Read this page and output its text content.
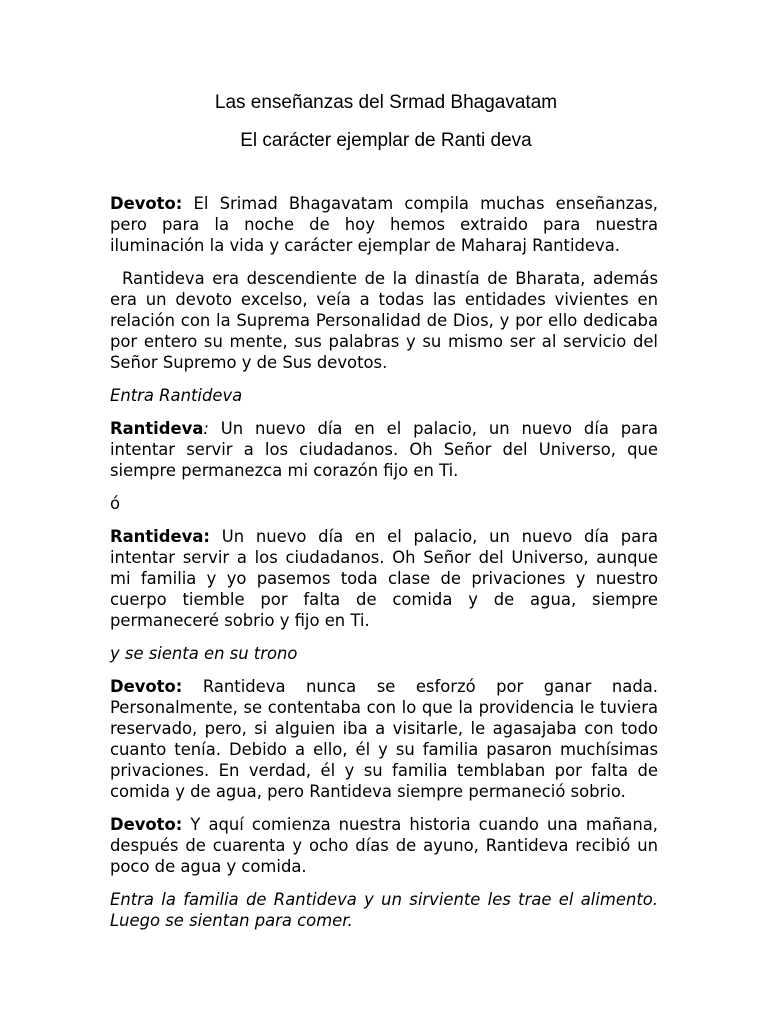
Las enseñanzas del Srmad Bhagavatam
El carácter ejemplar de Ranti deva

Devoto: El Srimad Bhagavatam compila muchas enseñanzas, pero para la noche de hoy hemos extraido para nuestra iluminación la vida y carácter ejemplar de Maharaj Rantideva.

Rantideva era descendiente de la dinastía de Bharata, además era un devoto excelso, veía a todas las entidades vivientes en relación con la Suprema Personalidad de Dios, y por ello dedicaba por entero su mente, sus palabras y su mismo ser al servicio del Señor Supremo y de Sus devotos.

Entra Rantideva

Rantideva: Un nuevo día en el palacio, un nuevo día para intentar servir a los ciudadanos. Oh Señor del Universo, que siempre permanezca mi corazón fijo en Ti.

ó

Rantideva: Un nuevo día en el palacio, un nuevo día para intentar servir a los ciudadanos. Oh Señor del Universo, aunque mi familia y yo pasemos toda clase de privaciones y nuestro cuerpo tiemble por falta de comida y de agua, siempre permaneceré sobrio y fijo en Ti.

y se sienta en su trono

Devoto: Rantideva nunca se esforzó por ganar nada. Personalmente, se contentaba con lo que la providencia le tuviera reservado, pero, si alguien iba a visitarle, le agasajaba con todo cuanto tenía. Debido a ello, él y su familia pasaron muchísimas privaciones. En verdad, él y su familia temblaban por falta de comida y de agua, pero Rantideva siempre permaneció sobrio.

Devoto: Y aquí comienza nuestra historia cuando una mañana, después de cuarenta y ocho días de ayuno, Rantideva recibió un poco de agua y comida.

Entra la familia de Rantideva y un sirviente les trae el alimento. Luego se sientan para comer.
